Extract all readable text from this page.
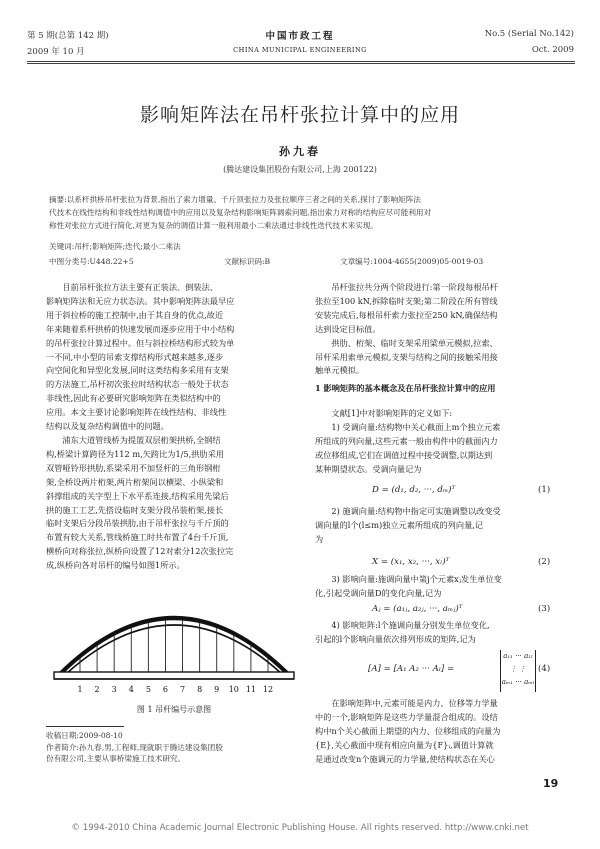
第 5 期(总第 142 期)
2009 年 10 月
中国市政工程
CHINA MUNICIPAL ENGINEERING
No.5 (Serial No.142)
Oct. 2009
影响矩阵法在吊杆张拉计算中的应用
孙九春
(腾达建设集团股份有限公司,上海 200122)
摘要:以系杆拱桥吊杆张拉为背景,指出了索力增量、千斤顶张拉力及张拉顺序三者之间的关系,探讨了影响矩阵法
代技术在线性结构和非线性结构调值中的应用以及复杂结构影响矩阵调索问题,指出索力对称的结构应尽可能利用对
称性对张拉方式进行简化,对更为复杂的调值计算一般利用最小二乘法通过非线性迭代技术来实现。
关键词:吊杆;影响矩阵;迭代;最小二乘法
中图分类号:U448.22+5	文献标识码:B	文章编号:1004-4655(2009)05-0019-03
目前吊杆张拉方法主要有正装法、倒装法、
影响矩阵法和无应力状态法。其中影响矩阵法最早应
用于斜拉桥的施工控制中,由于其自身的优点,故近
年来随着系杆拱桥的快速发展而逐步应用于中小结构
的吊杆张拉计算过程中。但与斜拉桥结构形式较为单
一不同,中小型的吊索支撑结构形式越来越多,逐步
向空间化和异型化发展,同时这类结构多采用有支架
的方法施工,吊杆初次张拉时结构状态一般处于状态
非线性,因此有必要研究影响矩阵在类似结构中的
应用。本文主要讨论影响矩阵在线性结构、非线性
结构以及复杂结构调值中的问题。
浦东大道管线桥为提篮双层桁架拱桥,全钢结
构,桥梁计算跨径为112 m,矢跨比为1/5,拱肋采用
双管哑铃形拱肋,系梁采用不加竖杆的三角形钢桁
架,全桥设两片桁架,两片桁架间以横梁、小纵梁和
斜撑组成的关字型上下水平系连接,结构采用先梁后
拱的施工工艺,先搭设临时支架分段吊装桁架,接长
临时支架后分段吊装拱肋,由于吊杆张拉与千斤顶的
布置有较大关系,管线桥施工时共布置了4台千斤顶,
横桥向对称张拉,纵桥向设置了12对索分12次张拉完
成,纵桥向各对吊杆的编号如图1所示。
1 2 3 4 5 6 7 8 9 10 11 12
图 1 吊杆编号示意图
收稿日期:2009-08-10
作者简介:孙九春,男,工程师,现就职于腾达建设集团股
份有限公司,主要从事桥梁施工技术研究。
吊杆张拉共分两个阶段进行:第一阶段每根吊杆
张拉至100 kN,拆除临时支架;第二阶段在所有管线
安装完成后,每根吊杆索力张拉至250 kN,确保结构
达到设定目标值。
拱肋、桁架、临时支架采用梁单元模拟,拉索、
吊杆采用索单元模拟,支架与结构之间的接触采用接
触单元模拟。
1 影响矩阵的基本概念及在吊杆张拉计算中的应用
文献[1]中对影响矩阵的定义如下:
1) 受调向量:结构物中关心截面上m个独立元素
所组成的列向量,这些元素一般由构件中的截面内力
或位移组成,它们在调值过程中接受调整,以期达到
某种期望状态。受调向量记为
D = (d₁, d₂, ···, dₘ)ᵀ	(1)
2) 施调向量:结构物中指定可实施调整以改变受
调向量的l个(l≤m)独立元素所组成的列向量,记
为
X = (x₁, x₂, ···, xₗ)ᵀ	(2)
3) 影响向量:施调向量中第j个元素xⱼ发生单位变
化,引起受调向量D的变化向量,记为
Aⱼ = (a₁ⱼ, a₂ⱼ, ···, aₘⱼ)ᵀ	(3)
4) 影响矩阵:l个施调向量分别发生单位变化,
引起的l个影响向量依次排列形成的矩阵,记为
[A] = [A₁ A₂ ··· Aₗ] =
a₁₁ ··· a₁ₗ
⋮ ⋮
aₘ₁ ··· aₘₗ
(4)
在影响矩阵中,元素可能是内力、位移等力学量
中的一个,影响矩阵是这些力学量混合组成的。设结
构中n个关心截面上期望的内力、位移组成的向量为
{E},关心截面中现有相应向量为{F}ᵢ,调值计算就
是通过改变n个施调元的力学量,使结构状态在关心
19
© 1994-2010 China Academic Journal Electronic Publishing House. All rights reserved. http://www.cnki.net
